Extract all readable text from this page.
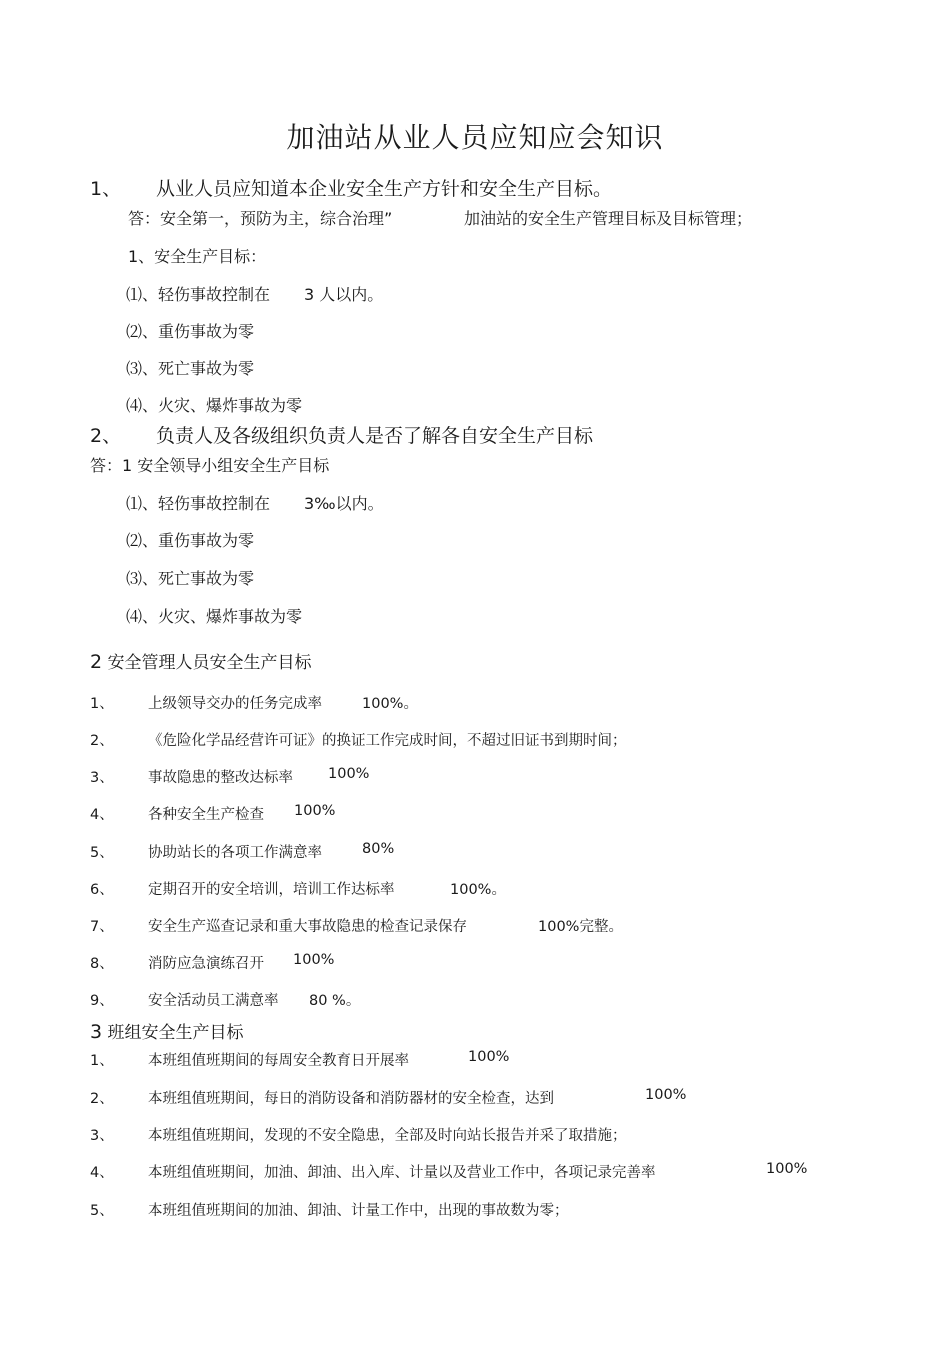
加油站从业人员应知应会知识
1、 从业人员应知道本企业安全生产方针和安全生产目标。
答：安全第一，预防为主，综合治理”	加油站的安全生产管理目标及目标管理；
1、安全生产目标：
⑴、轻伤事故控制在 3 人以内。
⑵、重伤事故为零
⑶、死亡事故为零
⑷、火灾、爆炸事故为零
2、 负责人及各级组织负责人是否了解各自安全生产目标
答：1 安全领导小组安全生产目标
⑴、轻伤事故控制在 3‰以内。
⑵、重伤事故为零
⑶、死亡事故为零
⑷、火灾、爆炸事故为零
2 安全管理人员安全生产目标
1、 上级领导交办的任务完成率	100%。
2、 《危险化学品经营许可证》的换证工作完成时间，不超过旧证书到期时间；
3、 事故隐患的整改达标率 100%
4、 各种安全生产检查 100%
5、 协助站长的各项工作满意率	80%
6、 定期召开的安全培训，培训工作达标率	100%。
7、 安全生产巡查记录和重大事故隐患的检查记录保存	100%完整。
8、 消防应急演练召开 100%
9、 安全活动员工满意率 80 %。
3 班组安全生产目标
1、 本班组值班期间的每周安全教育日开展率	100%
2、 本班组值班期间，每日的消防设备和消防器材的安全检查，达到	100%
3、 本班组值班期间，发现的不安全隐患，全部及时向站长报告并采了取措施；
4、 本班组值班期间，加油、卸油、出入库、计量以及营业工作中，各项记录完善率	100%
5、 本班组值班期间的加油、卸油、计量工作中，出现的事故数为零；
